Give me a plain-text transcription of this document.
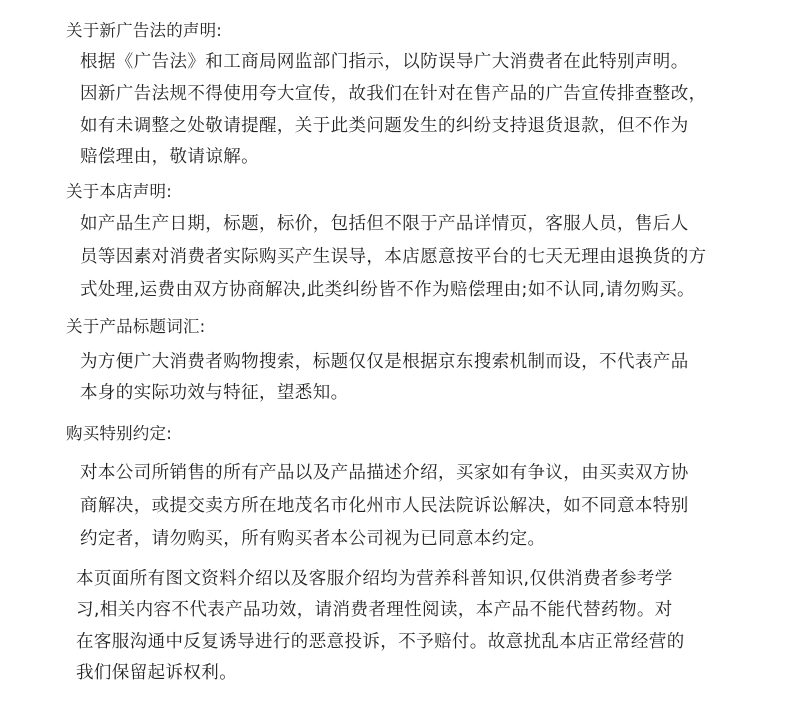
关于新广告法的声明:
根据《广告法》和工商局网监部门指示，以防误导广大消费者在此特别声明。
因新广告法规不得使用夸大宣传，故我们在针对在售产品的广告宣传排查整改，
如有未调整之处敬请提醒，关于此类问题发生的纠纷支持退货退款，但不作为
赔偿理由，敬请谅解。
关于本店声明:
如产品生产日期，标题，标价，包括但不限于产品详情页，客服人员，售后人
员等因素对消费者实际购买产生误导，本店愿意按平台的七天无理由退换货的方
式处理,运费由双方协商解决,此类纠纷皆不作为赔偿理由;如不认同,请勿购买。
关于产品标题词汇:
为方便广大消费者购物搜索，标题仅仅是根据京东搜索机制而设，不代表产品
本身的实际功效与特征，望悉知。
购买特别约定:
对本公司所销售的所有产品以及产品描述介绍，买家如有争议，由买卖双方协
商解决，或提交卖方所在地茂名市化州市人民法院诉讼解决，如不同意本特别
约定者，请勿购买，所有购买者本公司视为已同意本约定。
本页面所有图文资料介绍以及客服介绍均为营养科普知识,仅供消费者参考学
习,相关内容不代表产品功效，请消费者理性阅读，本产品不能代替药物。对
在客服沟通中反复诱导进行的恶意投诉，不予赔付。故意扰乱本店正常经营的
我们保留起诉权利。
